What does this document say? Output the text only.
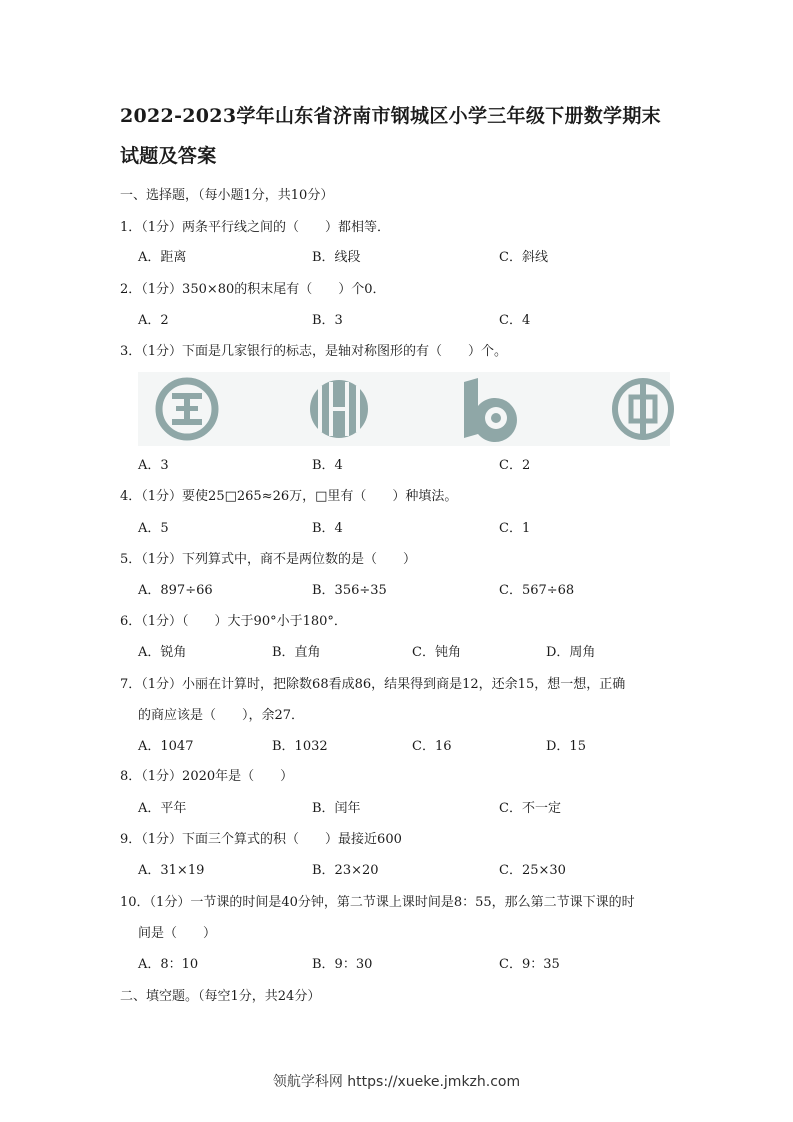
2022-2023学年山东省济南市钢城区小学三年级下册数学期末试题及答案
一、选择题，（每小题1分，共10分）
1．（1分）两条平行线之间的（　　）都相等．
A．距离	B．线段	C．斜线
2．（1分）350×80的积末尾有（　　）个0．
A．2	B．3	C．4
3．（1分）下面是几家银行的标志，是轴对称图形的有（　　）个。
A．3	B．4	C．2
4．（1分）要使25□265≈26万，□里有（　　）种填法。
A．5	B．4	C．1
5．（1分）下列算式中，商不是两位数的是（　　）
A．897÷66	B．356÷35	C．567÷68
6．（1分）（　　）大于90°小于180°．
A．锐角	B．直角	C．钝角	D．周角
7．（1分）小丽在计算时，把除数68看成86，结果得到商是12，还余15，想一想，正确
的商应该是（　　），余27．
A．1047	B．1032	C．16	D．15
8．（1分）2020年是（　　）
A．平年	B．闰年	C．不一定
9．（1分）下面三个算式的积（　　）最接近600
A．31×19	B．23×20	C．25×30
10．（1分）一节课的时间是40分钟，第二节课上课时间是8：55，那么第二节课下课的时
间是（　　）
A．8：10	B．9：30	C．9：35
二、填空题。（每空1分，共24分）
领航学科网 https://xueke.jmkzh.com
